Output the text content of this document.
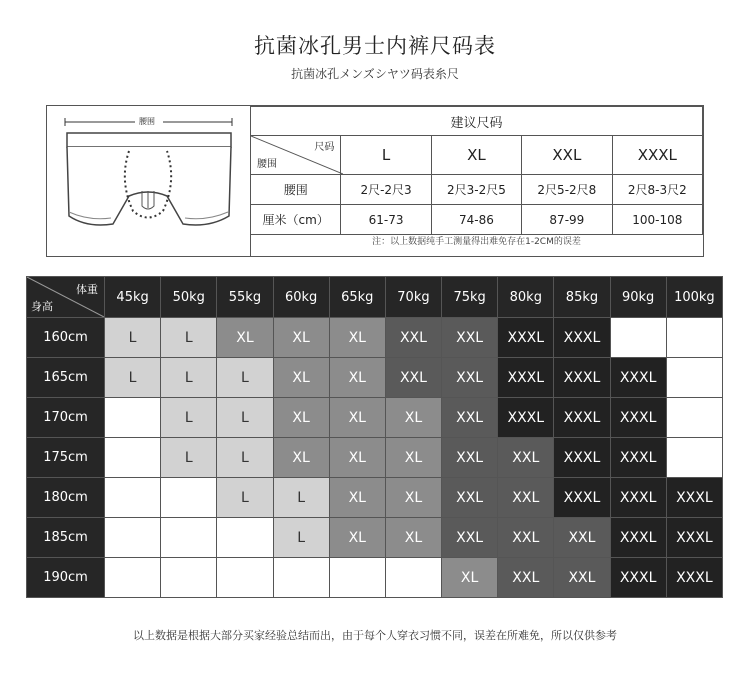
抗菌冰孔男士内裤尺码表
抗菌冰孔メンズシヤツ码表糸尺
腰围	建议尺码				

尺码
腰围	L	XL	XXL	XXXL
腰围	2尺-2尺3	2尺3-2尺5	2尺5-2尺8	2尺8-3尺2
厘米（cm）	61-73	74-86	87-99	100-108
注：以上数据纯手工测量得出难免存在1-2CM的误差
体重
身高	45kg	50kg	55kg	60kg	65kg	70kg	75kg	80kg	85kg	90kg	100kg
160cm	L	L	XL	XL	XL	XXL	XXL	XXXL	XXXL		
165cm	L	L	L	XL	XL	XXL	XXL	XXXL	XXXL	XXXL	
170cm		L	L	XL	XL	XL	XXL	XXXL	XXXL	XXXL	
175cm		L	L	XL	XL	XL	XXL	XXL	XXXL	XXXL	
180cm			L	L	XL	XL	XXL	XXL	XXXL	XXXL	XXXL
185cm				L	XL	XL	XXL	XXL	XXL	XXXL	XXXL
190cm							XL	XXL	XXL	XXXL	XXXL
以上数据是根据大部分买家经验总结而出，由于每个人穿衣习惯不同，误差在所难免，所以仅供参考
